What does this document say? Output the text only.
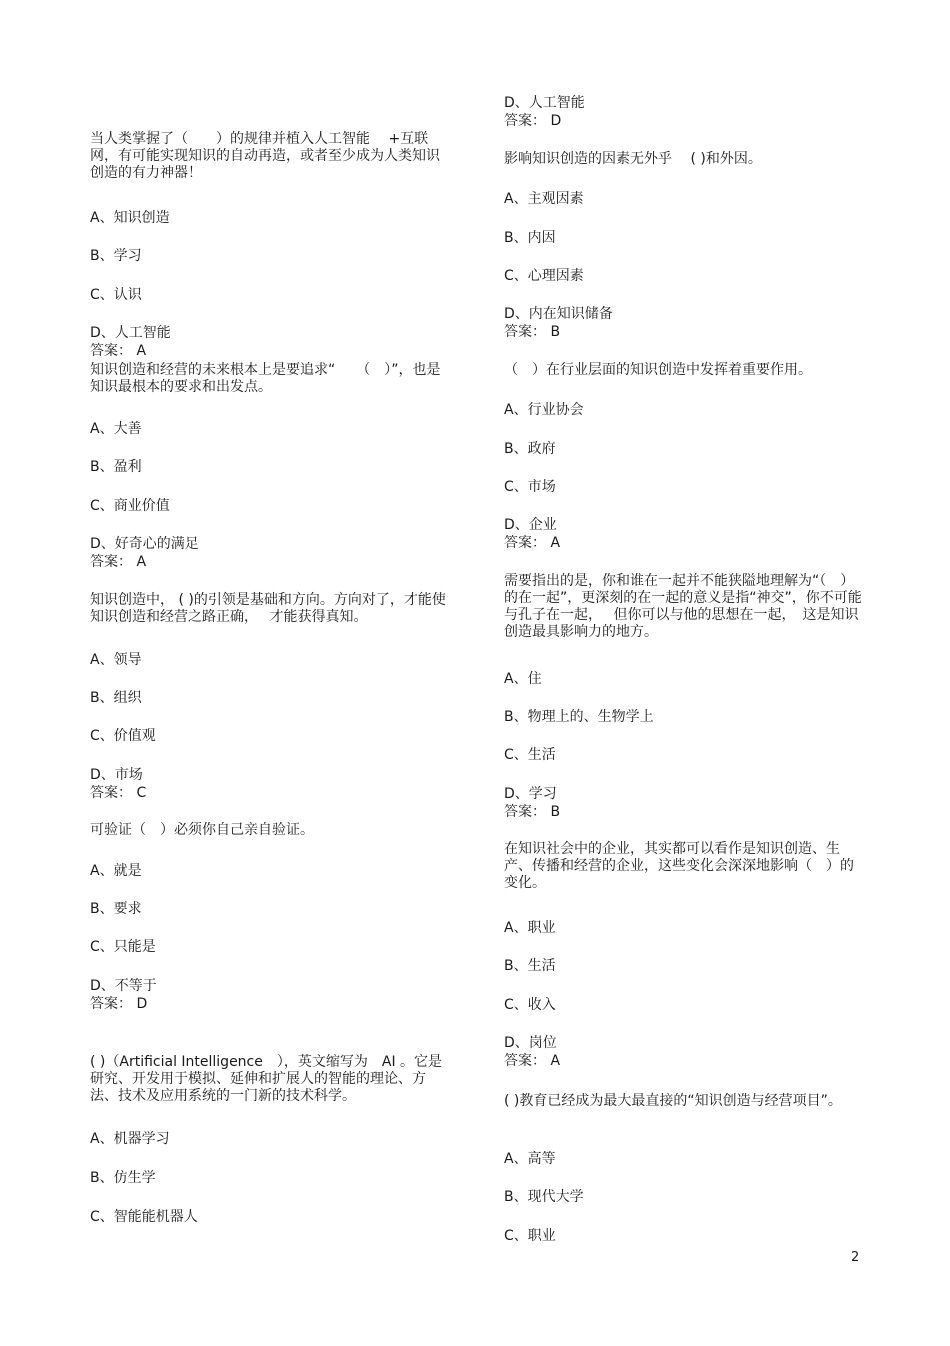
当人类掌握了（　　）的规律并植入人工智能　 +互联网，有可能实现知识的自动再造，或者至少成为人类知识创造的有力神器！

A、知识创造

B、学习

C、认识

D、人工智能

答案： A

知识创造和经营的未来根本上是要追求“　　（　）”，也是知识最根本的要求和出发点。

A、大善

B、盈利

C、商业价值

D、好奇心的满足

答案： A

知识创造中， ( )的引领是基础和方向。方向对了，才能使知识创造和经营之路正确，　 才能获得真知。

A、领导

B、组织

C、价值观

D、市场

答案： C

可验证（　）必须你自己亲自验证。

A、就是

B、要求

C、只能是

D、不等于

答案： D

( )（Artificial Intelligence　），英文缩写为　AI 。它是研究、开发用于模拟、延伸和扩展人的智能的理论、方法、技术及应用系统的一门新的技术科学。

A、机器学习

B、仿生学

C、智能能机器人

D、人工智能

答案： D

影响知识创造的因素无外乎　 ( )和外因。

A、主观因素

B、内因

C、心理因素

D、内在知识储备

答案： B

（　）在行业层面的知识创造中发挥着重要作用。

A、行业协会

B、政府

C、市场

D、企业

答案： A

需要指出的是，你和谁在一起并不能狭隘地理解为“（　）的在一起”，更深刻的在一起的意义是指“神交”，你不可能与孔子在一起，　 但你可以与他的思想在一起，　这是知识创造最具影响力的地方。

A、住

B、物理上的、生物学上

C、生活

D、学习

答案： B

在知识社会中的企业，其实都可以看作是知识创造、生产、传播和经营的企业，这些变化会深深地影响（　）的变化。

A、职业

B、生活

C、收入

D、岗位

答案： A

( )教育已经成为最大最直接的“知识创造与经营项目”。

A、高等

B、现代大学

C、职业

2
